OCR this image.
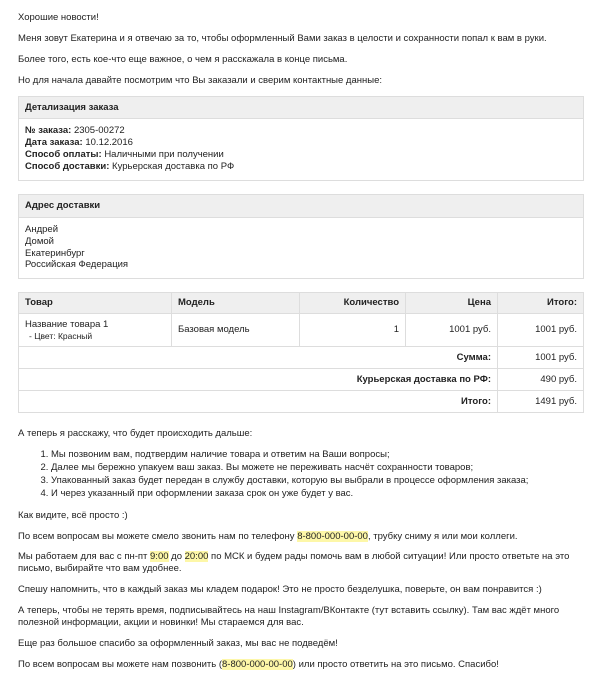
Хорошие новости!

Меня зовут Екатерина и я отвечаю за то, чтобы оформленный Вами заказ в целости и сохранности попал к вам в руки.

Более того, есть кое-что еще важное, о чем я расскажала в конце письма.

Но для начала давайте посмотрим что Вы заказали и сверим контактные данные:

Детализация заказа
№ заказа: 2305-00272
Дата заказа: 10.12.2016
Способ оплаты: Наличными при получении
Способ доставки: Курьерская доставка по РФ
Адрес доставки
Андрей
Домой
Екатеринбург
Российская Федерация
Товар	Модель	Количество	Цена	Итого:

Название товара 1
- Цвет: Красный	Базовая модель	1	1001 руб.	1001 руб.
Сумма:				1001 руб.
Курьерская доставка по РФ:				490 руб.
Итого:				1491 руб.

А теперь я расскажу, что будет происходить дальше:

1. Мы позвоним вам, подтвердим наличие товара и ответим на Ваши вопросы;
2. Далее мы бережно упакуем ваш заказ. Вы можете не переживать насчёт сохранности товаров;
3. Упакованный заказ будет передан в службу доставки, которую вы выбрали в процессе оформления заказа;
4. И через указанный при оформлении заказа срок он уже будет у вас.

Как видите, всё просто :)

По всем вопросам вы можете смело звонить нам по телефону 8-800-000-00-00, трубку сниму я или мои коллеги.

Мы работаем для вас с пн-пт 9:00 до 20:00 по МСК и будем рады помочь вам в любой ситуации! Или просто ответьте на это письмо, выбирайте что вам удобнее.

Спешу напомнить, что в каждый заказ мы кладем подарок! Это не просто безделушка, поверьте, он вам понравится :)

А теперь, чтобы не терять время, подписывайтесь на наш Instagram/ВКонтакте (тут вставить ссылку). Там вас ждёт много полезной информации, акции и новинки! Мы стараемся для вас.

Еще раз большое спасибо за оформленный заказ, мы вас не подведём!

По всем вопросам вы можете нам позвонить (8-800-000-00-00) или просто ответить на это письмо. Спасибо!
